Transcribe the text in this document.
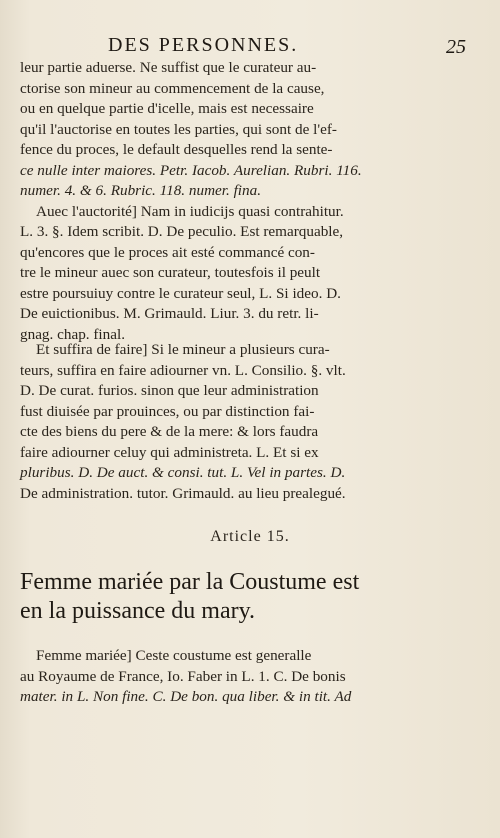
DES PERSONNES.	25

leur partie aduerse. Ne suffist que le curateur au-

ctorise son mineur au commencement de la cause,

ou en quelque partie d'icelle, mais est necessaire

qu'il l'auctorise en toutes les parties, qui sont de l'ef-

fence du proces, le default desquelles rend la sente-

ce nulle inter maiores. Petr. Iacob. Aurelian. Rubri. 116.

numer. 4. & 6. Rubric. 118. numer. fina.

Auec l'auctorité] Nam in iudicijs quasi contrahitur.

L. 3. §. Idem scribit. D. De peculio. Est remarquable,

qu'encores que le proces ait esté commancé con-

tre le mineur auec son curateur, toutesfois il peult

estre poursuiuy contre le curateur seul, L. Si ideo. D.

De euictionibus. M. Grimauld. Liur. 3. du retr. li-

gnag. chap. final.

Et suffira de faire] Si le mineur a plusieurs cura-

teurs, suffira en faire adiourner vn. L. Consilio. §. vlt.

D. De curat. furios. sinon que leur administration

fust diuisée par prouinces, ou par distinction fai-

cte des biens du pere & de la mere: & lors faudra

faire adiourner celuy qui administreta. L. Et si ex

pluribus. D. De auct. & consi. tut. L. Vel in partes. D.

De administration. tutor. Grimauld. au lieu prealegué.

Article 15.
Femme mariée par la Coustume est
en la puissance du mary.

Femme mariée] Ceste coustume est generalle

au Royaume de France, Io. Faber in L. 1. C. De bonis

mater. in L. Non fine. C. De bon. qua liber. & in tit. Ad
